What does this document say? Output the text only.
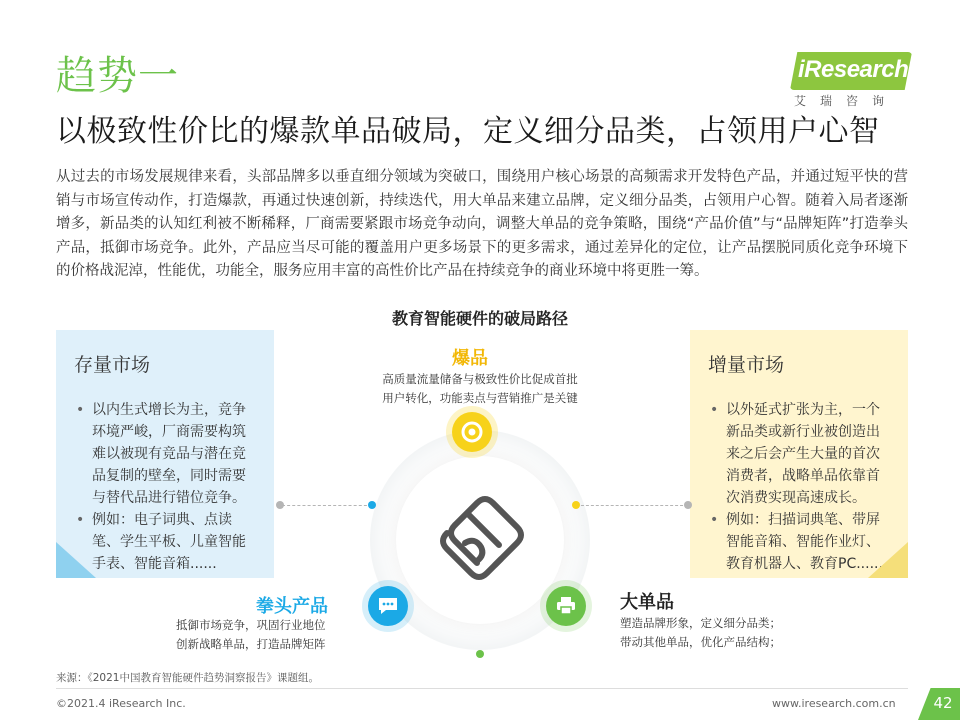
趋势一
以极致性价比的爆款单品破局，定义细分品类，占领用户心智
iResearch
艾瑞咨询
从过去的市场发展规律来看，头部品牌多以垂直细分领域为突破口，围绕用户核心场景的高频需求开发特色产品，并通过短平快的营销与市场宣传动作，打造爆款，再通过快速创新，持续迭代，用大单品来建立品牌，定义细分品类，占领用户心智。随着入局者逐渐增多，新品类的认知红利被不断稀释，厂商需要紧跟市场竞争动向，调整大单品的竞争策略，围绕“产品价值”与“品牌矩阵”打造拳头产品，抵御市场竞争。此外，产品应当尽可能的覆盖用户更多场景下的更多需求，通过差异化的定位，让产品摆脱同质化竞争环境下的价格战泥淖，性能优，功能全，服务应用丰富的高性价比产品在持续竞争的商业环境中将更胜一筹。
教育智能硬件的破局路径
存量市场
• 以内生式增长为主，竞争环境严峻，厂商需要构筑难以被现有竞品与潜在竞品复制的壁垒，同时需要与替代品进行错位竞争。
• 例如：电子词典、点读笔、学生平板、儿童智能手表、智能音箱......
增量市场
• 以外延式扩张为主，一个新品类或新行业被创造出来之后会产生大量的首次消费者，战略单品依靠首次消费实现高速成长。
• 例如：扫描词典笔、带屏智能音箱、智能作业灯、教育机器人、教育PC......
爆品
高质量流量储备与极致性价比促成首批
用户转化，功能卖点与营销推广是关键
拳头产品
抵御市场竞争，巩固行业地位
创新战略单品，打造品牌矩阵
大单品
塑造品牌形象，定义细分品类；
带动其他单品，优化产品结构；
来源：《2021中国教育智能硬件趋势洞察报告》课题组。
©2021.4 iResearch Inc.	www.iresearch.com.cn	42
